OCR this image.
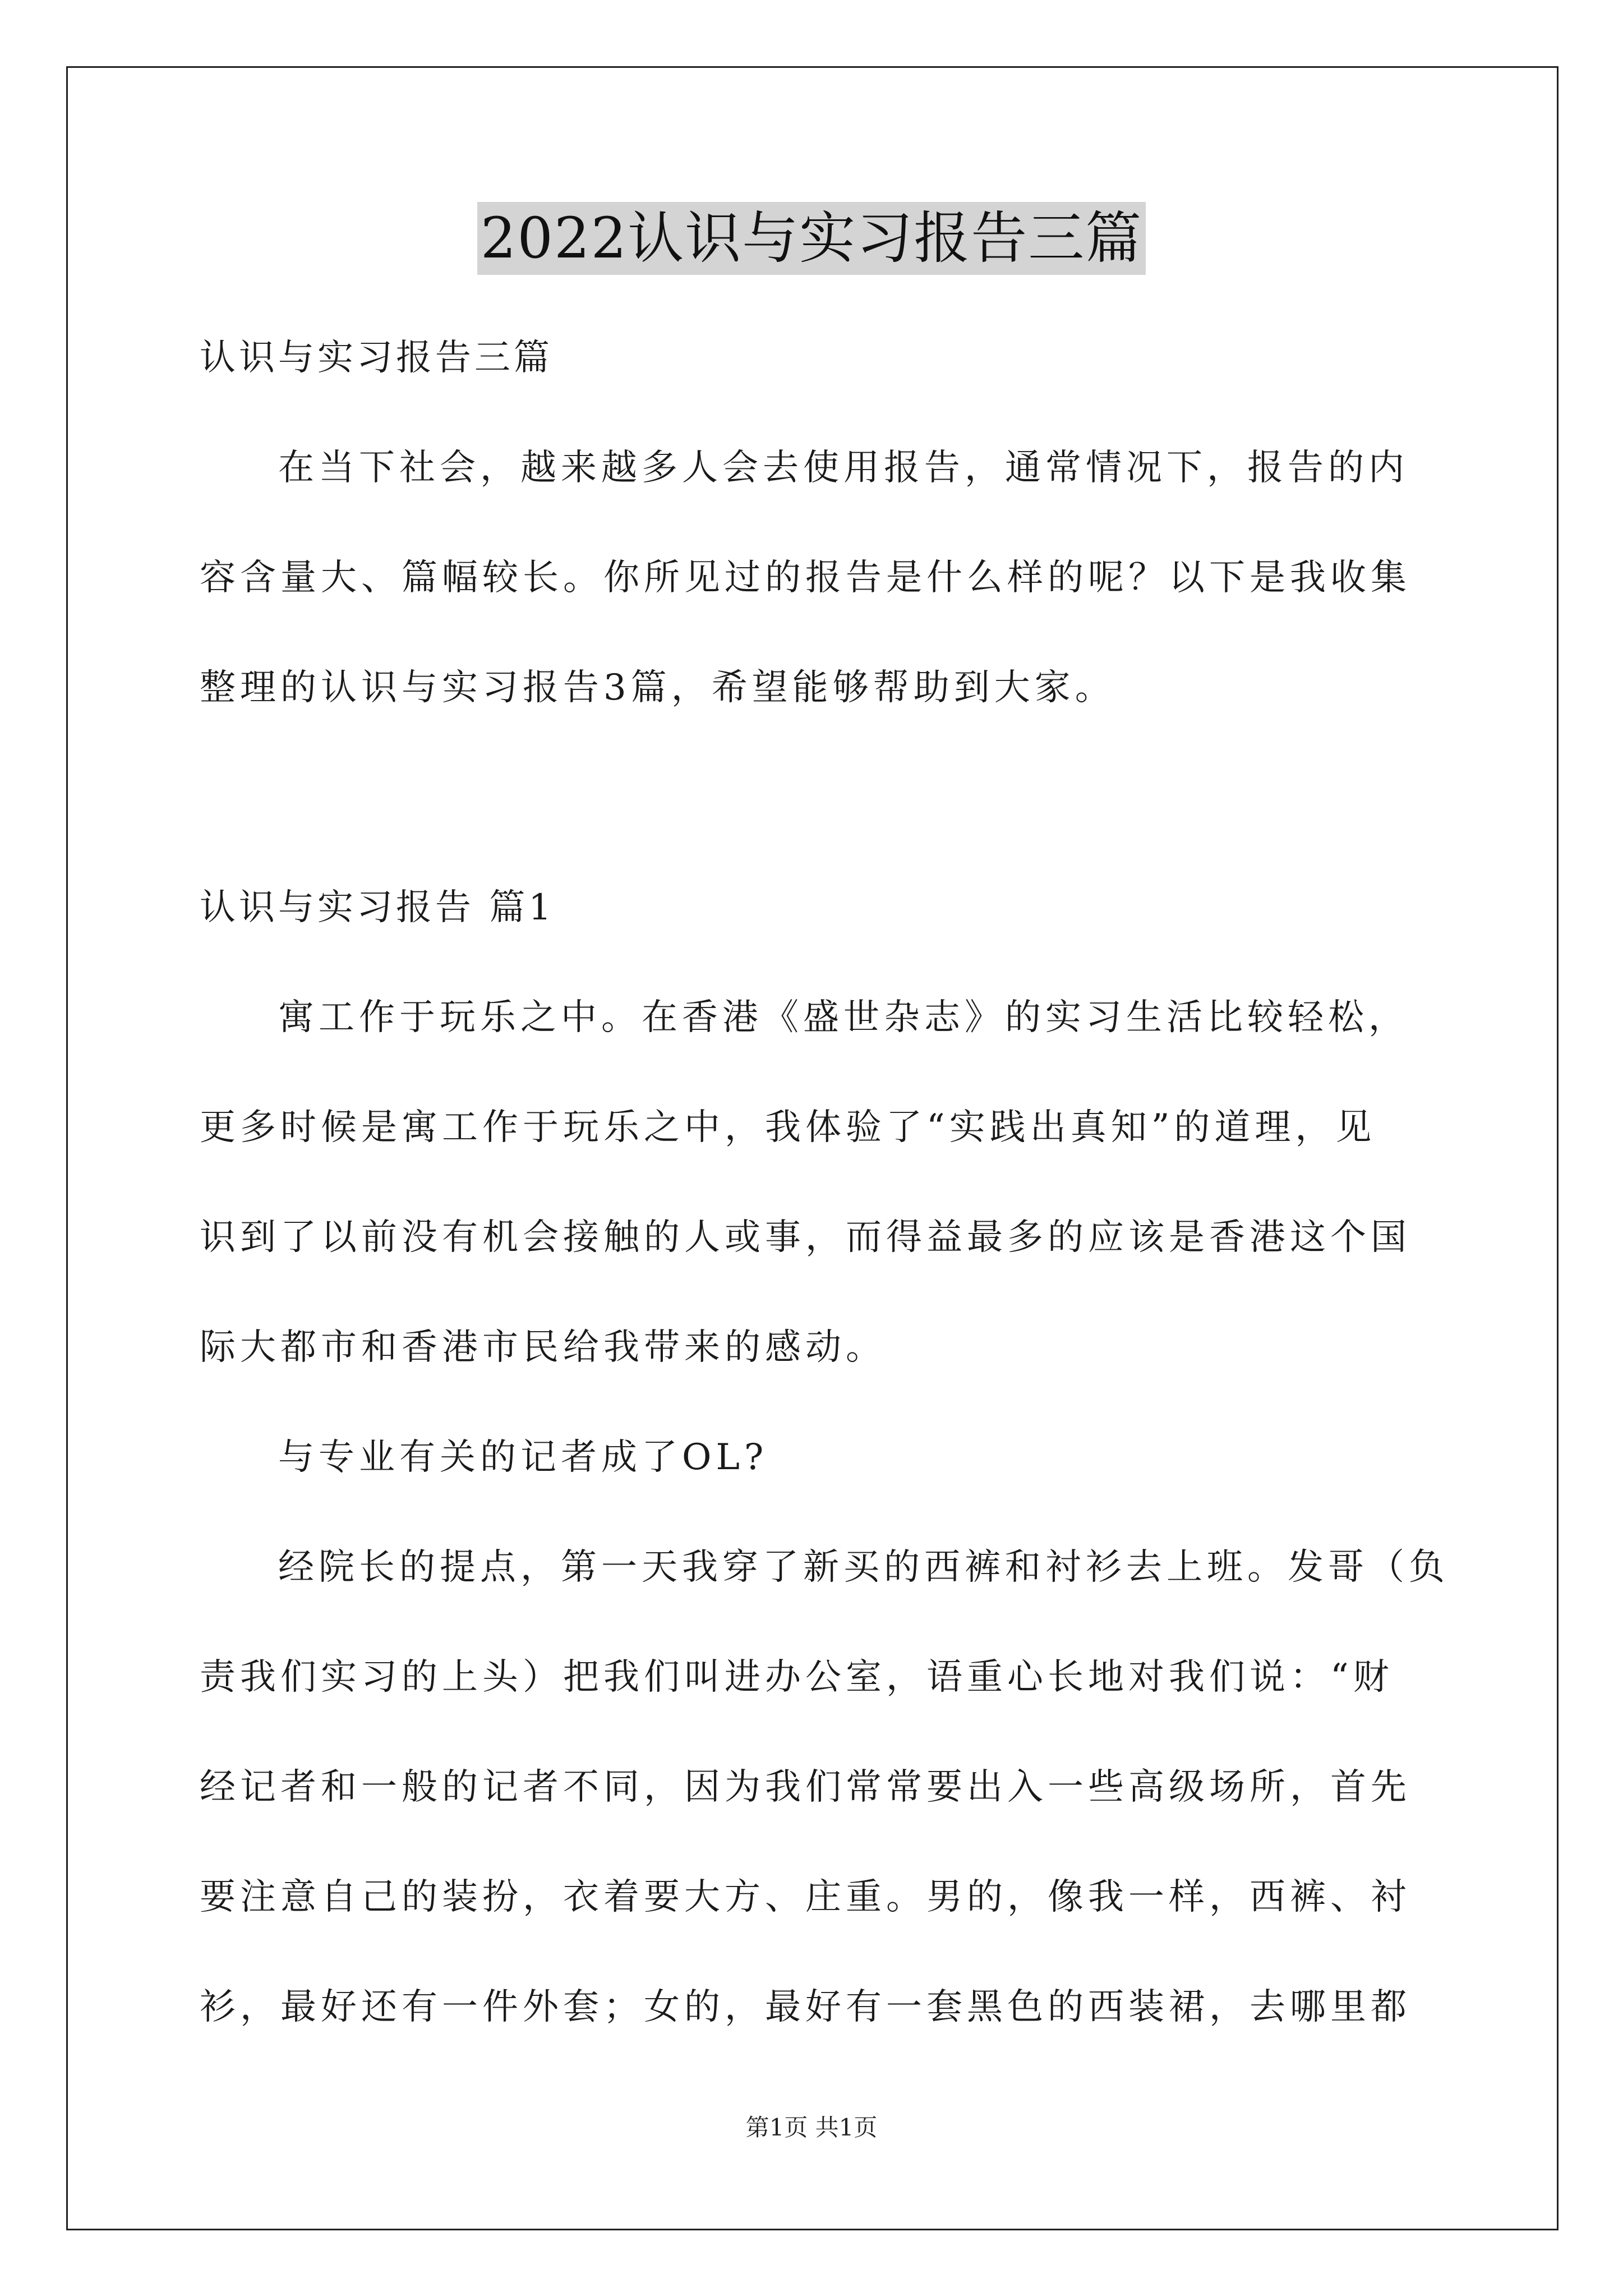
2022认识与实习报告三篇
认识与实习报告三篇
在当下社会，越来越多人会去使用报告，通常情况下，报告的内
容含量大、篇幅较长。你所见过的报告是什么样的呢？以下是我收集
整理的认识与实习报告3篇，希望能够帮助到大家。
认识与实习报告 篇1
寓工作于玩乐之中。在香港《盛世杂志》的实习生活比较轻松，
更多时候是寓工作于玩乐之中，我体验了“实践出真知”的道理，见
识到了以前没有机会接触的人或事，而得益最多的应该是香港这个国
际大都市和香港市民给我带来的感动。
与专业有关的记者成了OL?
经院长的提点，第一天我穿了新买的西裤和衬衫去上班。发哥（负
责我们实习的上头）把我们叫进办公室，语重心长地对我们说：“财
经记者和一般的记者不同，因为我们常常要出入一些高级场所，首先
要注意自己的装扮，衣着要大方、庄重。男的，像我一样，西裤、衬
衫，最好还有一件外套；女的，最好有一套黑色的西装裙，去哪里都
第1页 共1页
